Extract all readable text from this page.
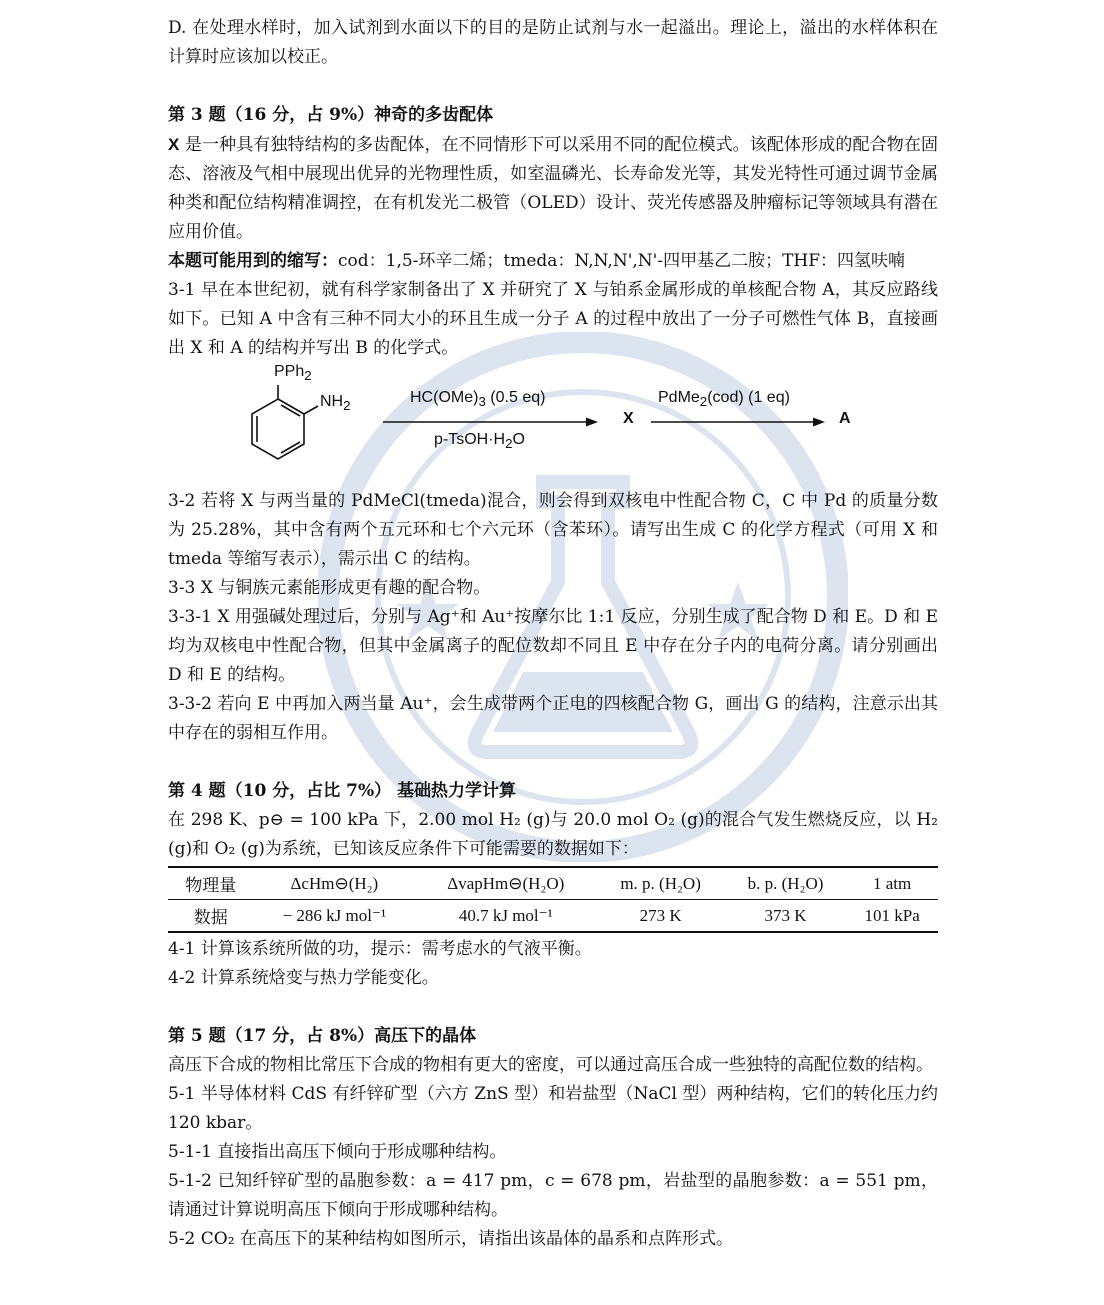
D. 在处理水样时，加入试剂到水面以下的目的是防止试剂与水一起溢出。理论上，溢出的水样体积在计算时应该加以校正。

第 3 题（16 分，占 9%）神奇的多齿配体

X 是一种具有独特结构的多齿配体，在不同情形下可以采用不同的配位模式。该配体形成的配合物在固态、溶液及气相中展现出优异的光物理性质，如室温磷光、长寿命发光等，其发光特性可通过调节金属种类和配位结构精准调控，在有机发光二极管（OLED）设计、荧光传感器及肿瘤标记等领域具有潜在应用价值。

本题可能用到的缩写：cod：1,5-环辛二烯；tmeda：N,N,N',N'-四甲基乙二胺；THF：四氢呋喃

3-1 早在本世纪初，就有科学家制备出了 X 并研究了 X 与铂系金属形成的单核配合物 A，其反应路线如下。已知 A 中含有三种不同大小的环且生成一分子 A 的过程中放出了一分子可燃性气体 B，直接画出 X 和 A 的结构并写出 B 的化学式。

PPh$_2$
$NH_2$	$HC(OMe)_3$ (0.5 eq)
$p-TsOH\cdot H_2O$
X
PdMe$_2$(cod) (1 eq)
A

3-2 若将 X 与两当量的 PdMeCl(tmeda)混合，则会得到双核电中性配合物 C，C 中 Pd 的质量分数为 25.28%，其中含有两个五元环和七个六元环（含苯环）。请写出生成 C 的化学方程式（可用 X 和 tmeda 等缩写表示），需示出 C 的结构。

3-3 X 与铜族元素能形成更有趣的配合物。

3-3-1 X 用强碱处理过后，分别与 Ag⁺和 Au⁺按摩尔比 1:1 反应，分别生成了配合物 D 和 E。D 和 E 均为双核电中性配合物，但其中金属离子的配位数却不同且 E 中存在分子内的电荷分离。请分别画出 D 和 E 的结构。

3-3-2 若向 E 中再加入两当量 Au⁺，会生成带两个正电的四核配合物 G，画出 G 的结构，注意示出其中存在的弱相互作用。

第 4 题（10 分，占比 7%） 基础热力学计算

在 298 K、p⊖ = 100 kPa 下，2.00 mol H₂ (g)与 20.0 mol O₂ (g)的混合气发生燃烧反应，以 H₂ (g)和 O₂ (g)为系统，已知该反应条件下可能需要的数据如下：

物理量	ΔcHm⊖(H₂)	ΔvapHm⊖(H₂O)	m. p. (H₂O)	b. p. (H₂O)	1 atm
数据	− 286 kJ mol⁻¹	40.7 kJ mol⁻¹	273 K	373 K	101 kPa

4-1 计算该系统所做的功，提示：需考虑水的气液平衡。

4-2 计算系统焓变与热力学能变化。

第 5 题（17 分，占 8%）高压下的晶体

高压下合成的物相比常压下合成的物相有更大的密度，可以通过高压合成一些独特的高配位数的结构。

5-1 半导体材料 CdS 有纤锌矿型（六方 ZnS 型）和岩盐型（NaCl 型）两种结构，它们的转化压力约 120 kbar。

5-1-1 直接指出高压下倾向于形成哪种结构。

5-1-2 已知纤锌矿型的晶胞参数：a = 417 pm，c = 678 pm，岩盐型的晶胞参数：a = 551 pm，请通过计算说明高压下倾向于形成哪种结构。

5-2 CO₂ 在高压下的某种结构如图所示，请指出该晶体的晶系和点阵形式。
